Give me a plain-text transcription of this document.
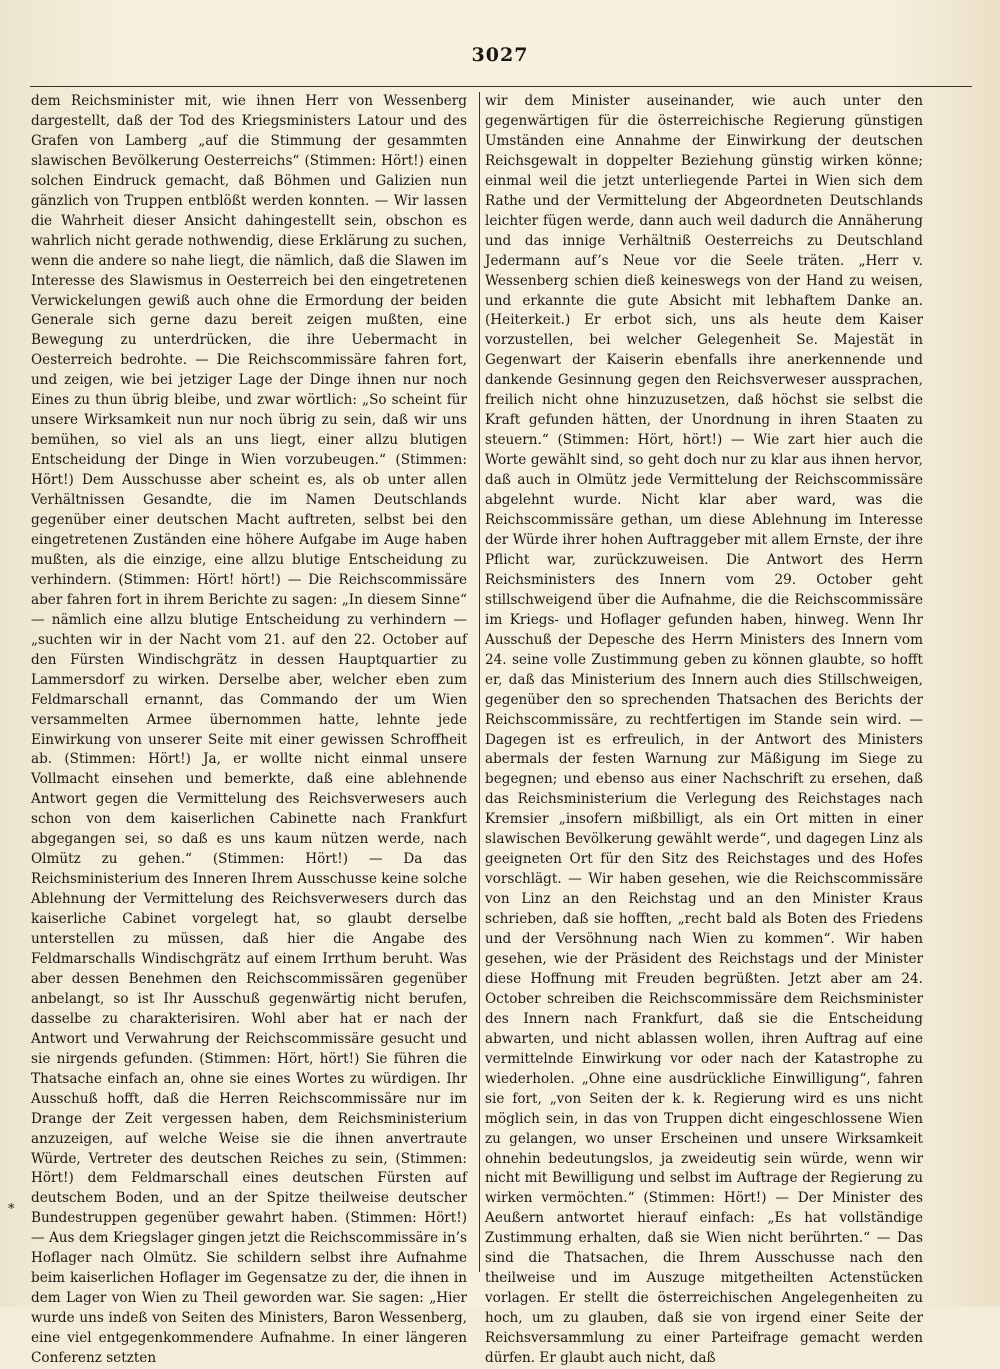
3027

dem Reichsminister mit, wie ihnen Herr von Wessenberg dargestellt, daß der Tod des Kriegsministers Latour und des Grafen von Lamberg „auf die Stimmung der gesammten slawischen Bevölkerung Oesterreichs“ (Stimmen: Hört!) einen solchen Eindruck gemacht, daß Böhmen und Galizien nun gänzlich von Truppen entblößt werden konnten. — Wir lassen die Wahrheit dieser Ansicht dahingestellt sein, obschon es wahrlich nicht gerade nothwendig, diese Erklärung zu suchen, wenn die andere so nahe liegt, die nämlich, daß die Slawen im Interesse des Slawismus in Oesterreich bei den eingetretenen Verwickelungen gewiß auch ohne die Ermordung der beiden Generale sich gerne dazu bereit zeigen mußten, eine Bewegung zu unterdrücken, die ihre Uebermacht in Oesterreich bedrohte. — Die Reichscommissäre fahren fort, und zeigen, wie bei jetziger Lage der Dinge ihnen nur noch Eines zu thun übrig bleibe, und zwar wörtlich: „So scheint für unsere Wirksamkeit nun nur noch übrig zu sein, daß wir uns bemühen, so viel als an uns liegt, einer allzu blutigen Entscheidung der Dinge in Wien vorzubeugen.“ (Stimmen: Hört!) Dem Ausschusse aber scheint es, als ob unter allen Verhältnissen Gesandte, die im Namen Deutschlands gegenüber einer deutschen Macht auftreten, selbst bei den eingetretenen Zuständen eine höhere Aufgabe im Auge haben mußten, als die einzige, eine allzu blutige Entscheidung zu verhindern. (Stimmen: Hört! hört!) — Die Reichscommissäre aber fahren fort in ihrem Berichte zu sagen: „In diesem Sinne“ — nämlich eine allzu blutige Entscheidung zu verhindern — „suchten wir in der Nacht vom 21. auf den 22. October auf den Fürsten Windischgrätz in dessen Hauptquartier zu Lammersdorf zu wirken. Derselbe aber, welcher eben zum Feldmarschall ernannt, das Commando der um Wien versammelten Armee übernommen hatte, lehnte jede Einwirkung von unserer Seite mit einer gewissen Schroffheit ab. (Stimmen: Hört!) Ja, er wollte nicht einmal unsere Vollmacht einsehen und bemerkte, daß eine ablehnende Antwort gegen die Vermittelung des Reichsverwesers auch schon von dem kaiserlichen Cabinette nach Frankfurt abgegangen sei, so daß es uns kaum nützen werde, nach Olmütz zu gehen.“ (Stimmen: Hört!) — Da das Reichsministerium des Inneren Ihrem Ausschusse keine solche Ablehnung der Vermittelung des Reichsverwesers durch das kaiserliche Cabinet vorgelegt hat, so glaubt derselbe unterstellen zu müssen, daß hier die Angabe des Feldmarschalls Windischgrätz auf einem Irrthum beruht. Was aber dessen Benehmen den Reichscommissären gegenüber anbelangt, so ist Ihr Ausschuß gegenwärtig nicht berufen, dasselbe zu charakterisiren. Wohl aber hat er nach der Antwort und Verwahrung der Reichscommissäre gesucht und sie nirgends gefunden. (Stimmen: Hört, hört!) Sie führen die Thatsache einfach an, ohne sie eines Wortes zu würdigen. Ihr Ausschuß hofft, daß die Herren Reichscommissäre nur im Drange der Zeit vergessen haben, dem Reichsministerium anzuzeigen, auf welche Weise sie die ihnen anvertraute Würde, Vertreter des deutschen Reiches zu sein, (Stimmen: Hört!) dem Feldmarschall eines deutschen Fürsten auf deutschem Boden, und an der Spitze theilweise deutscher Bundestruppen gegenüber gewahrt haben. (Stimmen: Hört!) — Aus dem Kriegslager gingen jetzt die Reichscommissäre in’s Hoflager nach Olmütz. Sie schildern selbst ihre Aufnahme beim kaiserlichen Hoflager im Gegensatze zu der, die ihnen in dem Lager von Wien zu Theil geworden war. Sie sagen: „Hier wurde uns indeß von Seiten des Ministers, Baron Wessenberg, eine viel entgegenkommendere Aufnahme. In einer längeren Conferenz setzten

wir dem Minister auseinander, wie auch unter den gegenwärtigen für die österreichische Regierung günstigen Umständen eine Annahme der Einwirkung der deutschen Reichsgewalt in doppelter Beziehung günstig wirken könne; einmal weil die jetzt unterliegende Partei in Wien sich dem Rathe und der Vermittelung der Abgeordneten Deutschlands leichter fügen werde, dann auch weil dadurch die Annäherung und das innige Verhältniß Oesterreichs zu Deutschland Jedermann auf’s Neue vor die Seele träten. „Herr v. Wessenberg schien dieß keineswegs von der Hand zu weisen, und erkannte die gute Absicht mit lebhaftem Danke an. (Heiterkeit.) Er erbot sich, uns als heute dem Kaiser vorzustellen, bei welcher Gelegenheit Se. Majestät in Gegenwart der Kaiserin ebenfalls ihre anerkennende und dankende Gesinnung gegen den Reichsverweser aussprachen, freilich nicht ohne hinzuzusetzen, daß höchst sie selbst die Kraft gefunden hätten, der Unordnung in ihren Staaten zu steuern.“ (Stimmen: Hört, hört!) — Wie zart hier auch die Worte gewählt sind, so geht doch nur zu klar aus ihnen hervor, daß auch in Olmütz jede Vermittelung der Reichscommissäre abgelehnt wurde. Nicht klar aber ward, was die Reichscommissäre gethan, um diese Ablehnung im Interesse der Würde ihrer hohen Auftraggeber mit allem Ernste, der ihre Pflicht war, zurückzuweisen. Die Antwort des Herrn Reichsministers des Innern vom 29. October geht stillschweigend über die Aufnahme, die die Reichscommissäre im Kriegs- und Hoflager gefunden haben, hinweg. Wenn Ihr Ausschuß der Depesche des Herrn Ministers des Innern vom 24. seine volle Zustimmung geben zu können glaubte, so hofft er, daß das Ministerium des Innern auch dies Stillschweigen, gegenüber den so sprechenden Thatsachen des Berichts der Reichscommissäre, zu rechtfertigen im Stande sein wird. — Dagegen ist es erfreulich, in der Antwort des Ministers abermals der festen Warnung zur Mäßigung im Siege zu begegnen; und ebenso aus einer Nachschrift zu ersehen, daß das Reichsministerium die Verlegung des Reichstages nach Kremsier „insofern mißbilligt, als ein Ort mitten in einer slawischen Bevölkerung gewählt werde“, und dagegen Linz als geeigneten Ort für den Sitz des Reichstages und des Hofes vorschlägt. — Wir haben gesehen, wie die Reichscommissäre von Linz an den Reichstag und an den Minister Kraus schrieben, daß sie hofften, „recht bald als Boten des Friedens und der Versöhnung nach Wien zu kommen“. Wir haben gesehen, wie der Präsident des Reichstags und der Minister diese Hoffnung mit Freuden begrüßten. Jetzt aber am 24. October schreiben die Reichscommissäre dem Reichsminister des Innern nach Frankfurt, daß sie die Entscheidung abwarten, und nicht ablassen wollen, ihren Auftrag auf eine vermittelnde Einwirkung vor oder nach der Katastrophe zu wiederholen. „Ohne eine ausdrückliche Einwilligung“, fahren sie fort, „von Seiten der k. k. Regierung wird es uns nicht möglich sein, in das von Truppen dicht eingeschlossene Wien zu gelangen, wo unser Erscheinen und unsere Wirksamkeit ohnehin bedeutungslos, ja zweideutig sein würde, wenn wir nicht mit Bewilligung und selbst im Auftrage der Regierung zu wirken vermöchten.“ (Stimmen: Hört!) — Der Minister des Aeußern antwortet hierauf einfach: „Es hat vollständige Zustimmung erhalten, daß sie Wien nicht berührten.“ — Das sind die Thatsachen, die Ihrem Ausschusse nach den theilweise und im Auszuge mitgetheilten Actenstücken vorlagen. Er stellt die österreichischen Angelegenheiten zu hoch, um zu glauben, daß sie von irgend einer Seite der Reichsversammlung zu einer Parteifrage gemacht werden dürfen. Er glaubt auch nicht, daß

*
